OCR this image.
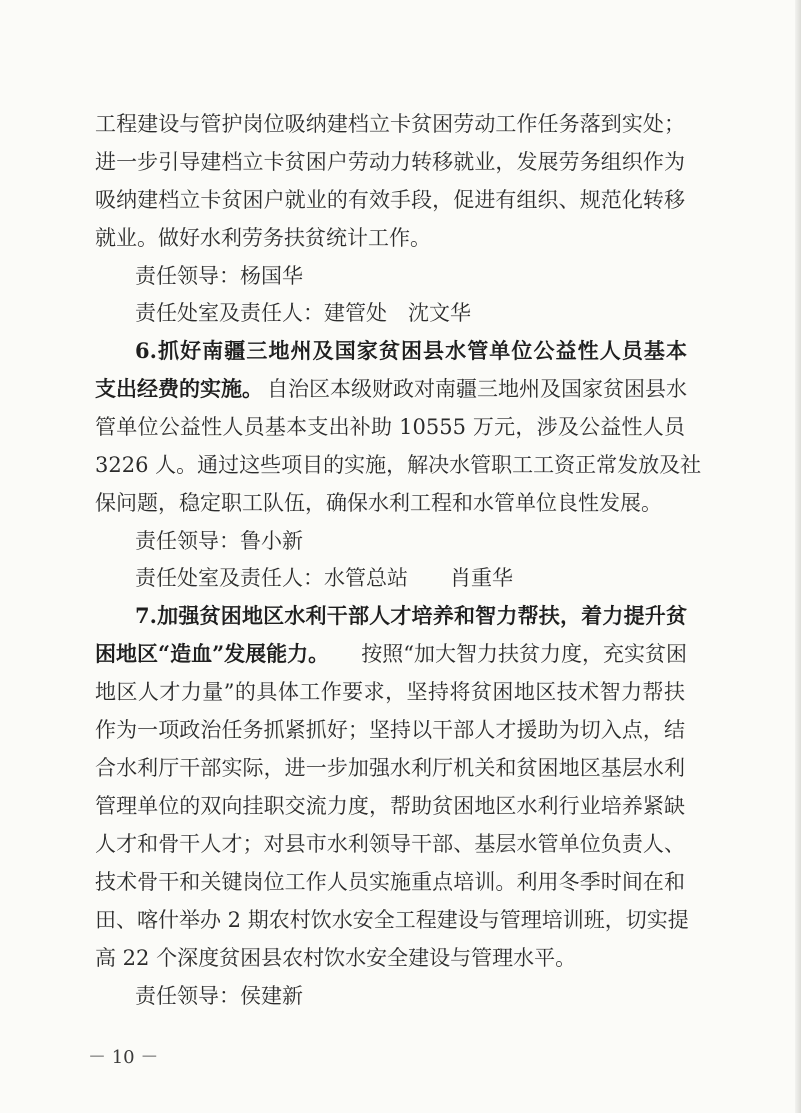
工程建设与管护岗位吸纳建档立卡贫困劳动工作任务落到实处；
进一步引导建档立卡贫困户劳动力转移就业，发展劳务组织作为
吸纳建档立卡贫困户就业的有效手段，促进有组织、规范化转移
就业。做好水利劳务扶贫统计工作。
责任领导：杨国华
责任处室及责任人：建管处　沈文华
6.抓好南疆三地州及国家贫困县水管单位公益性人员基本
支出经费的实施。 自治区本级财政对南疆三地州及国家贫困县水
管单位公益性人员基本支出补助 10555 万元，涉及公益性人员
3226 人。通过这些项目的实施，解决水管职工工资正常发放及社
保问题，稳定职工队伍，确保水利工程和水管单位良性发展。
责任领导：鲁小新
责任处室及责任人：水管总站　　肖重华
7.加强贫困地区水利干部人才培养和智力帮扶，着力提升贫
困地区“造血”发展能力。 按照“加大智力扶贫力度，充实贫困
地区人才力量”的具体工作要求，坚持将贫困地区技术智力帮扶
作为一项政治任务抓紧抓好；坚持以干部人才援助为切入点，结
合水利厅干部实际，进一步加强水利厅机关和贫困地区基层水利
管理单位的双向挂职交流力度，帮助贫困地区水利行业培养紧缺
人才和骨干人才；对县市水利领导干部、基层水管单位负责人、
技术骨干和关键岗位工作人员实施重点培训。利用冬季时间在和
田、喀什举办 2 期农村饮水安全工程建设与管理培训班，切实提
高 22 个深度贫困县农村饮水安全建设与管理水平。
责任领导：侯建新
－ 10 －
